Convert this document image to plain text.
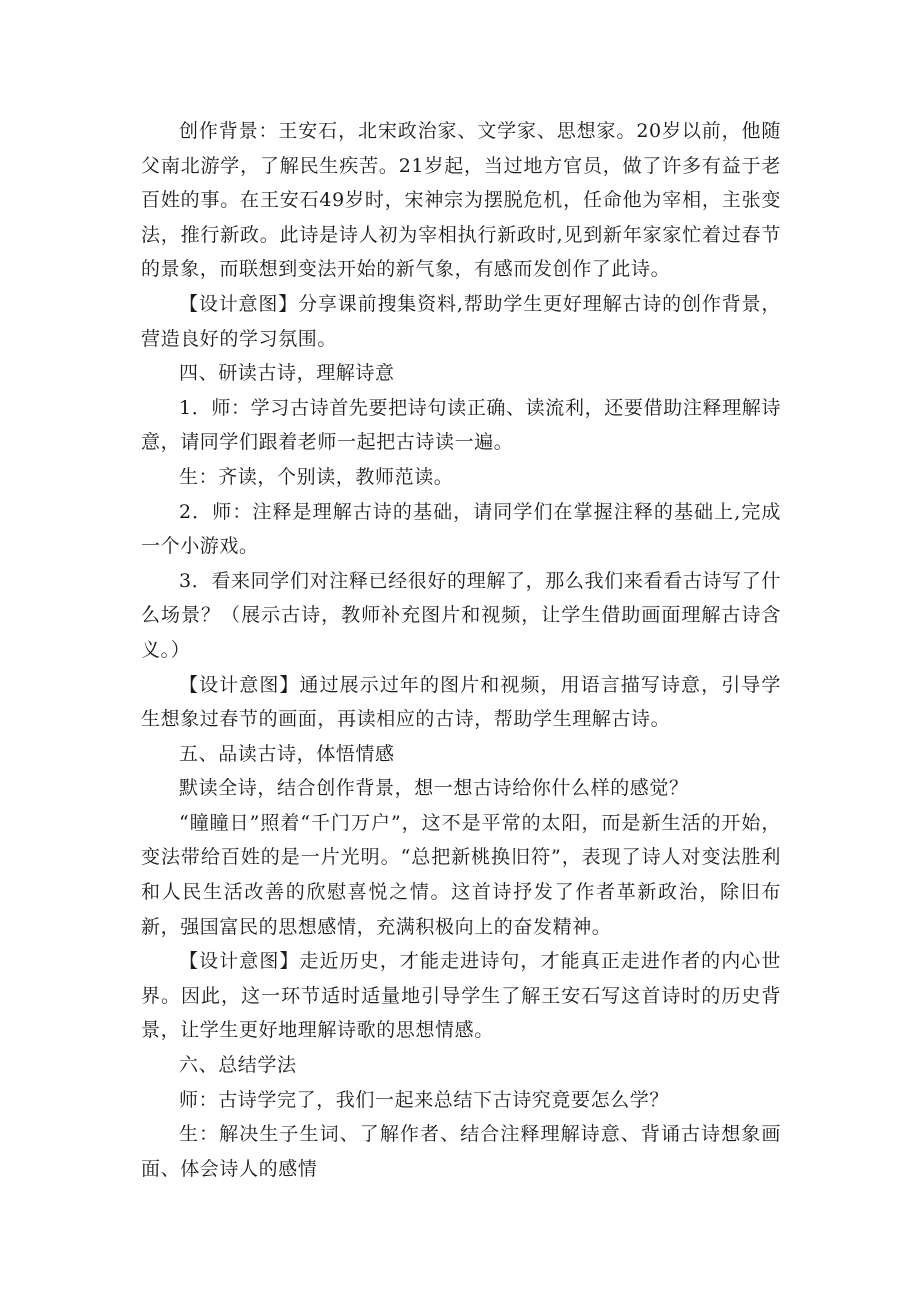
创作背景：王安石，北宋政治家、文学家、思想家。20岁以前，他随父南北游学，了解民生疾苦。21岁起，当过地方官员，做了许多有益于老百姓的事。在王安石49岁时，宋神宗为摆脱危机，任命他为宰相，主张变法，推行新政。此诗是诗人初为宰相执行新政时,见到新年家家忙着过春节的景象，而联想到变法开始的新气象，有感而发创作了此诗。

【设计意图】分享课前搜集资料,帮助学生更好理解古诗的创作背景，营造良好的学习氛围。

四、研读古诗，理解诗意

1．师：学习古诗首先要把诗句读正确、读流利，还要借助注释理解诗意，请同学们跟着老师一起把古诗读一遍。

生：齐读，个别读，教师范读。

2．师：注释是理解古诗的基础，请同学们在掌握注释的基础上,完成一个小游戏。

3．看来同学们对注释已经很好的理解了，那么我们来看看古诗写了什么场景？（展示古诗，教师补充图片和视频，让学生借助画面理解古诗含义。）

【设计意图】通过展示过年的图片和视频，用语言描写诗意，引导学生想象过春节的画面，再读相应的古诗，帮助学生理解古诗。

五、品读古诗，体悟情感

默读全诗，结合创作背景，想一想古诗给你什么样的感觉？

“瞳瞳日”照着“千门万户”，这不是平常的太阳，而是新生活的开始，变法带给百姓的是一片光明。“总把新桃换旧符”，表现了诗人对变法胜利和人民生活改善的欣慰喜悦之情。这首诗抒发了作者革新政治，除旧布新，强国富民的思想感情，充满积极向上的奋发精神。

【设计意图】走近历史，才能走进诗句，才能真正走进作者的内心世界。因此，这一环节适时适量地引导学生了解王安石写这首诗时的历史背景，让学生更好地理解诗歌的思想情感。

六、总结学法

师：古诗学完了，我们一起来总结下古诗究竟要怎么学？

生：解决生子生词、了解作者、结合注释理解诗意、背诵古诗想象画面、体会诗人的感情
